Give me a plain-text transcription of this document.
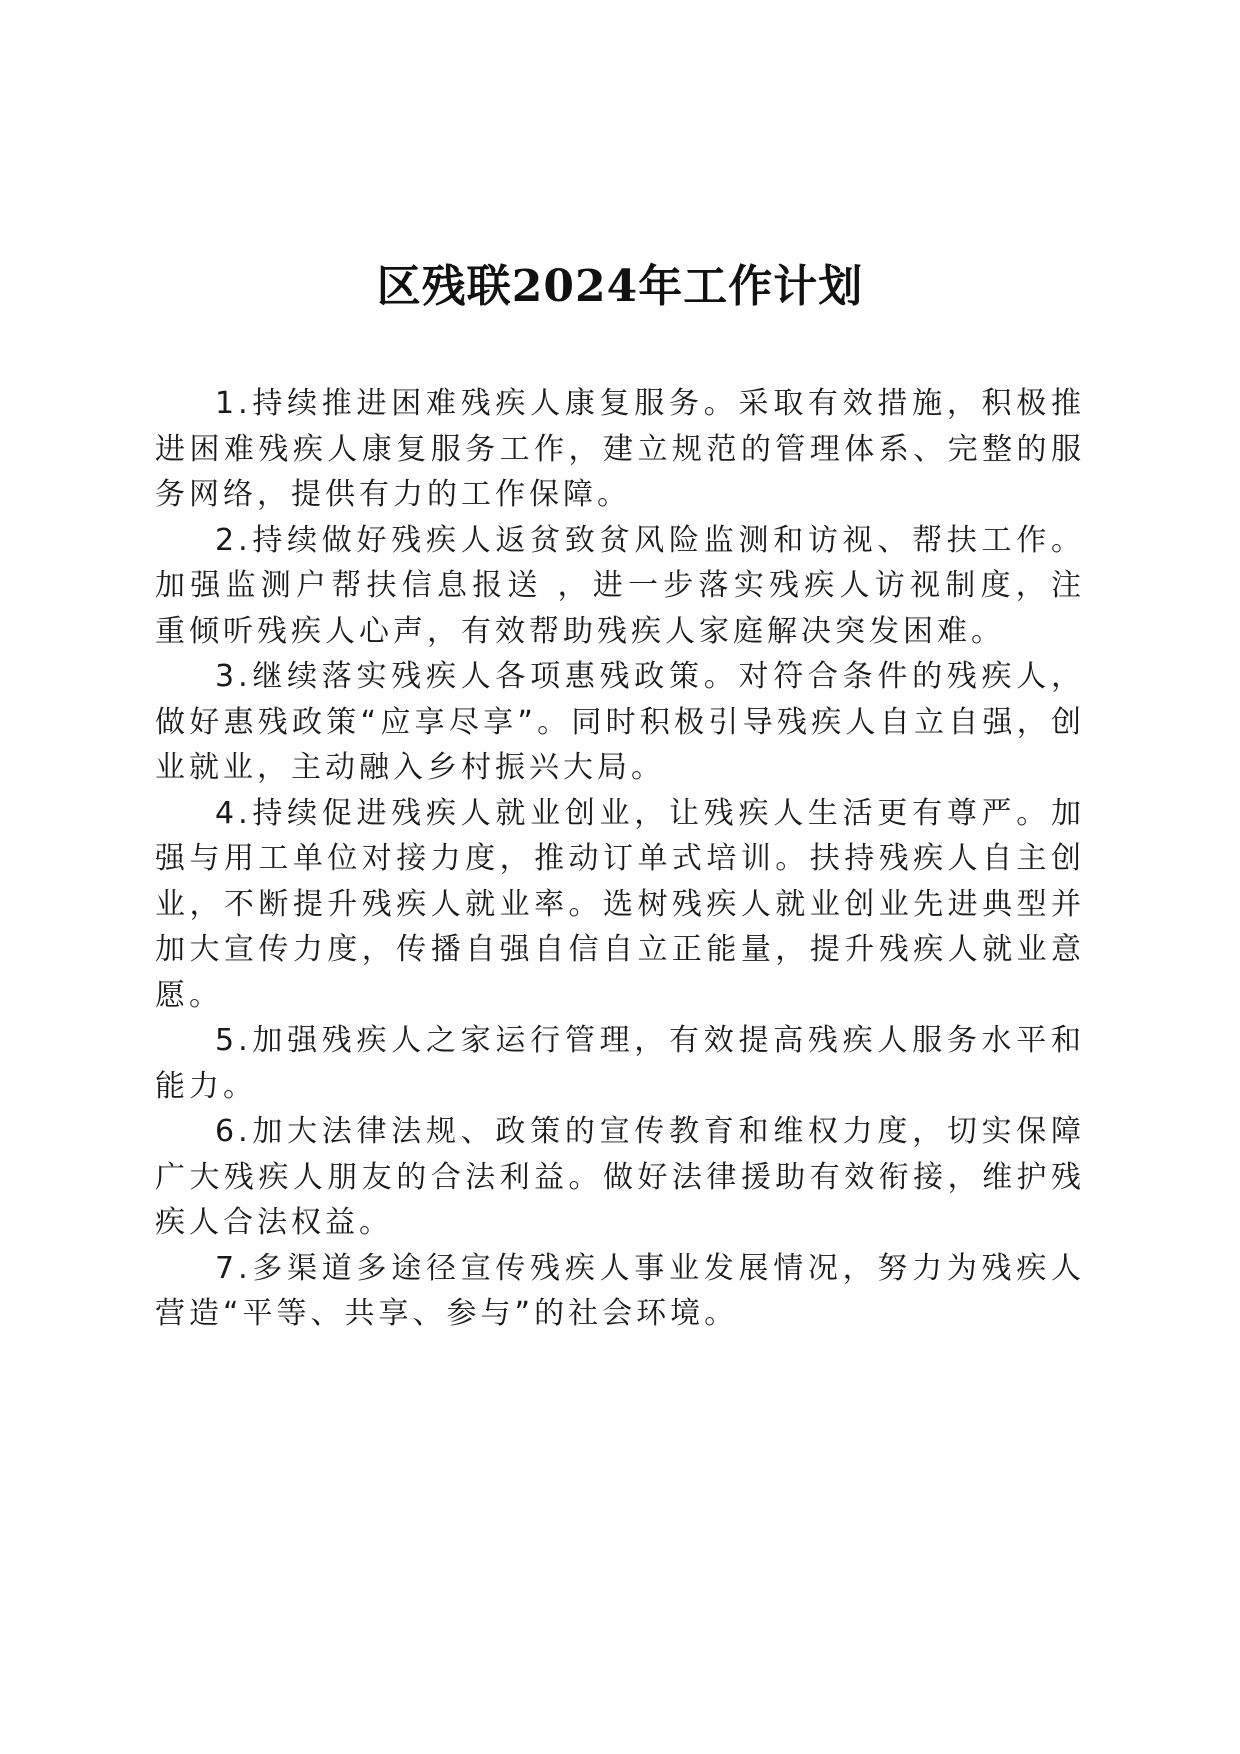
区残联2024年工作计划

1.持续推进困难残疾人康复服务。采取有效措施，积极推进困难残疾人康复服务工作，建立规范的管理体系、完整的服务网络，提供有力的工作保障。

2.持续做好残疾人返贫致贫风险监测和访视、帮扶工作。加强监测户帮扶信息报送 ，进一步落实残疾人访视制度，注重倾听残疾人心声，有效帮助残疾人家庭解决突发困难。

3.继续落实残疾人各项惠残政策。对符合条件的残疾人，做好惠残政策“应享尽享”。同时积极引导残疾人自立自强，创业就业，主动融入乡村振兴大局。

4.持续促进残疾人就业创业，让残疾人生活更有尊严。加强与用工单位对接力度，推动订单式培训。扶持残疾人自主创业，不断提升残疾人就业率。选树残疾人就业创业先进典型并加大宣传力度，传播自强自信自立正能量，提升残疾人就业意愿。

5.加强残疾人之家运行管理，有效提高残疾人服务水平和能力。

6.加大法律法规、政策的宣传教育和维权力度，切实保障广大残疾人朋友的合法利益。做好法律援助有效衔接，维护残疾人合法权益。

7.多渠道多途径宣传残疾人事业发展情况，努力为残疾人营造“平等、共享、参与”的社会环境。
